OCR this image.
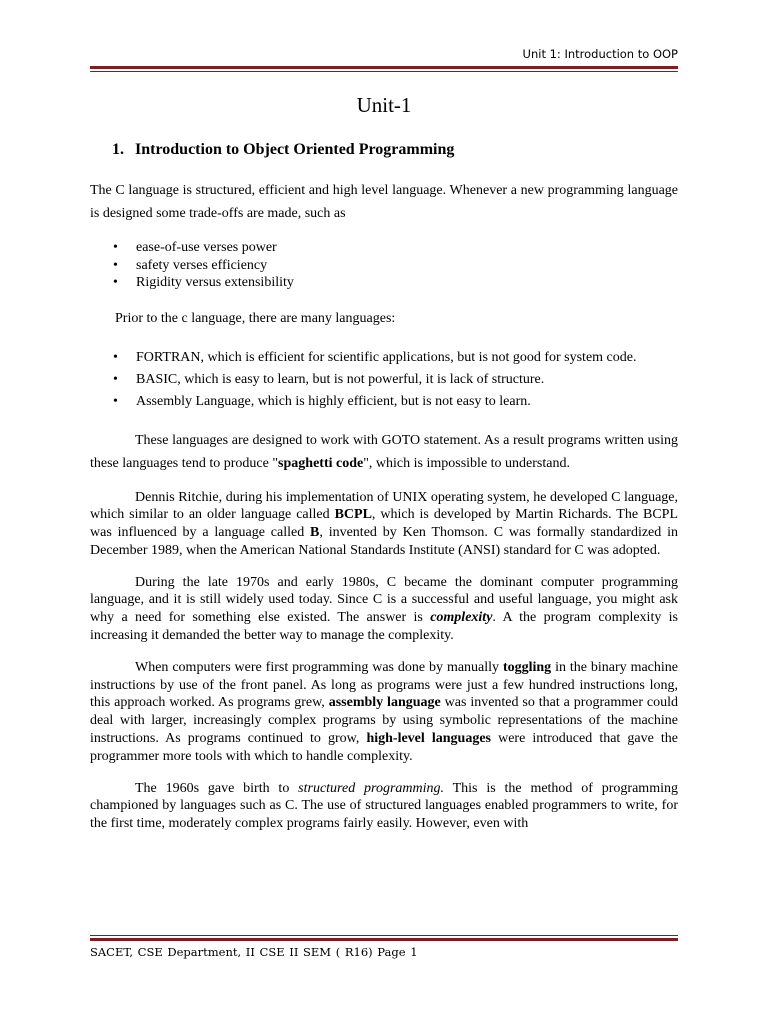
Unit 1: Introduction to OOP
Unit-1
1. Introduction to Object Oriented Programming

The C language is structured, efficient and high level language. Whenever a new programming language is designed some trade-offs are made, such as

• ease-of-use verses power
• safety verses efficiency
• Rigidity versus extensibility

Prior to the c language, there are many languages:

• FORTRAN, which is efficient for scientific applications, but is not good for system code.
• BASIC, which is easy to learn, but is not powerful, it is lack of structure.
• Assembly Language, which is highly efficient, but is not easy to learn.

These languages are designed to work with GOTO statement. As a result programs written using these languages tend to produce "spaghetti code", which is impossible to understand.

Dennis Ritchie, during his implementation of UNIX operating system, he developed C language, which similar to an older language called BCPL, which is developed by Martin Richards. The BCPL was influenced by a language called B, invented by Ken Thomson. C was formally standardized in December 1989, when the American National Standards Institute (ANSI) standard for C was adopted.

During the late 1970s and early 1980s, C became the dominant computer programming language, and it is still widely used today. Since C is a successful and useful language, you might ask why a need for something else existed. The answer is complexity. A the program complexity is increasing it demanded the better way to manage the complexity.

When computers were first programming was done by manually toggling in the binary machine instructions by use of the front panel. As long as programs were just a few hundred instructions long, this approach worked. As programs grew, assembly language was invented so that a programmer could deal with larger, increasingly complex programs by using symbolic representations of the machine instructions. As programs continued to grow, high-level languages were introduced that gave the programmer more tools with which to handle complexity.

The 1960s gave birth to structured programming. This is the method of programming championed by languages such as C. The use of structured languages enabled programmers to write, for the first time, moderately complex programs fairly easily. However, even with

SACET, CSE Department, II CSE II SEM ( R16) Page 1
